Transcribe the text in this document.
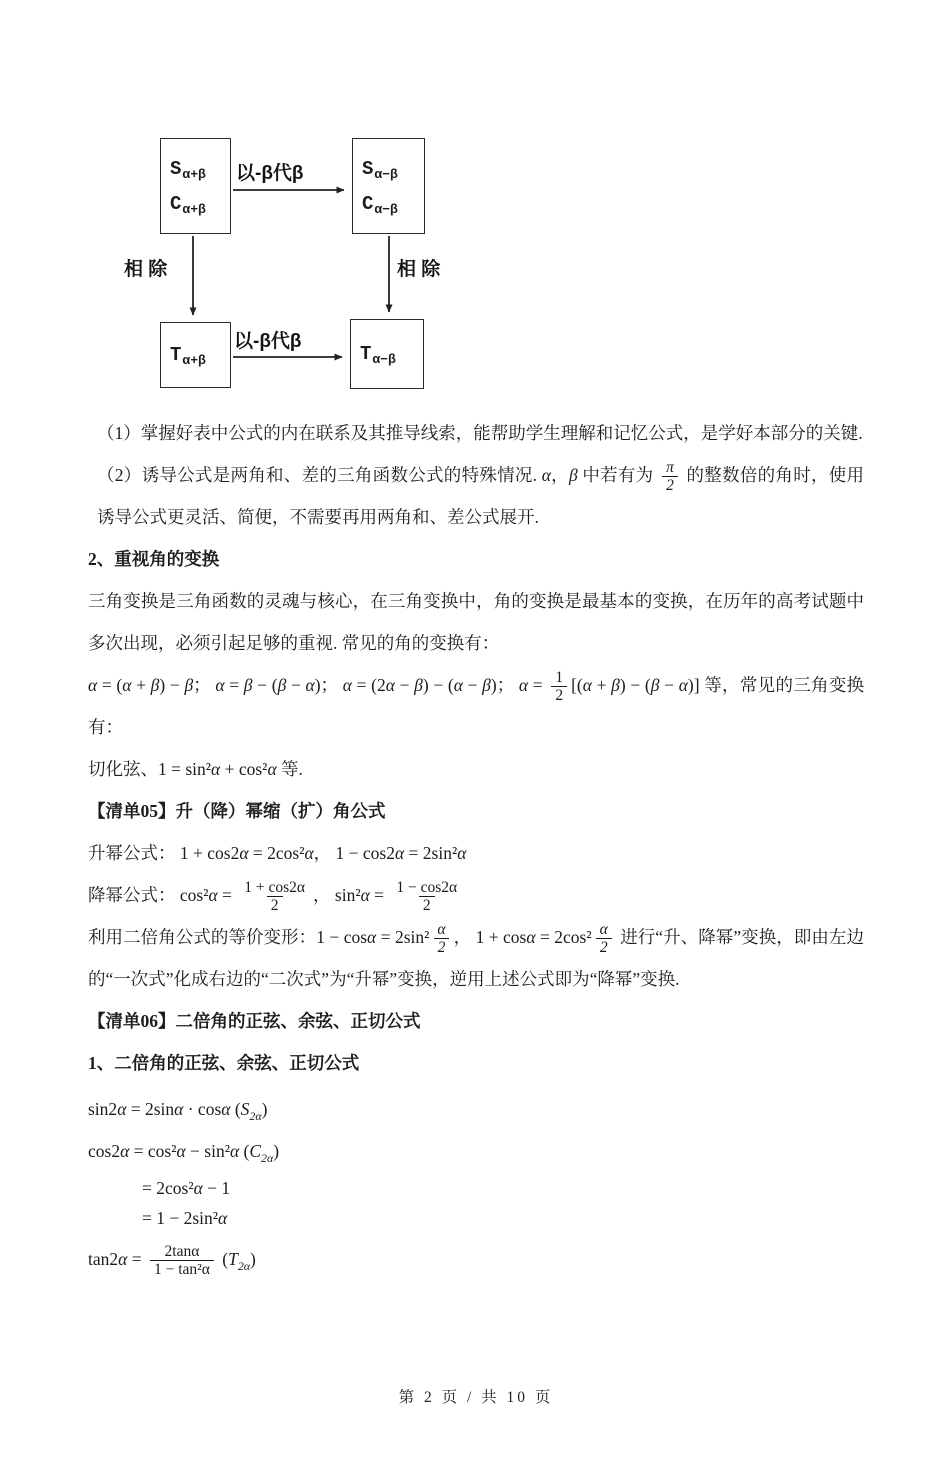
$S_{\alpha+\beta}$
$C_{\alpha+\beta}$
$S_{\alpha-\beta}$
$C_{\alpha-\beta}$
$T_{\alpha+\beta}$	$T_{\alpha-\beta}$
以-β代β
以-β代β
相 除	相 除

（1）掌握好表中公式的内在联系及其推导线索，能帮助学生理解和记忆公式，是学好本部分的关键.

（2）诱导公式是两角和、差的三角函数公式的特殊情况. α，β 中若有为 $\frac{\pi}{2}$ 的整数倍的角时，使用诱导公式更灵活、简便，不需要再用两角和、差公式展开.

2、重视角的变换

三角变换是三角函数的灵魂与核心，在三角变换中，角的变换是最基本的变换，在历年的高考试题中多次出现，必须引起足够的重视. 常见的角的变换有：

α = (α + β) − β； α = β − (β − α)； α = (2α − β) − (α − β)； $\alpha = \frac{1}{2} [(\alpha + \beta) - (\beta - \alpha)]$ 等，常见的三角变换有：

切化弦、1 = sin²α + cos²α 等.

【清单05】升（降）幂缩（扩）角公式

升幂公式： 1 + cos2α = 2cos²α， 1 − cos2α = 2sin²α

降幂公式： $\cos^2\alpha = \frac{1 + \cos 2\alpha}{2}$ ， $\sin^2\alpha = \frac{1 - \cos 2\alpha}{2}$

利用二倍角公式的等价变形：$1 - \cos\alpha = 2\sin^2 \frac{\alpha}{2}$ ， $1 + \cos\alpha = 2\cos^2 \frac{\alpha}{2}$ 进行“升、降幂”变换，即由左边的“一次式”化成右边的“二次式”为“升幂”变换，逆用上述公式即为“降幂”变换.

【清单06】二倍角的正弦、余弦、正切公式
1、二倍角的正弦、余弦、正切公式

sin2α = 2sinα · cosα $(S_{2\alpha})$

cos2α = cos²α − sin²α $(C_{2\alpha})$

= 2cos²α − 1

= 1 − 2sin²α

$\tan 2\alpha = \frac{2\tan\alpha}{\text{1 − tan²α}} (T_{2\alpha})$

第 2 页 / 共 10 页
